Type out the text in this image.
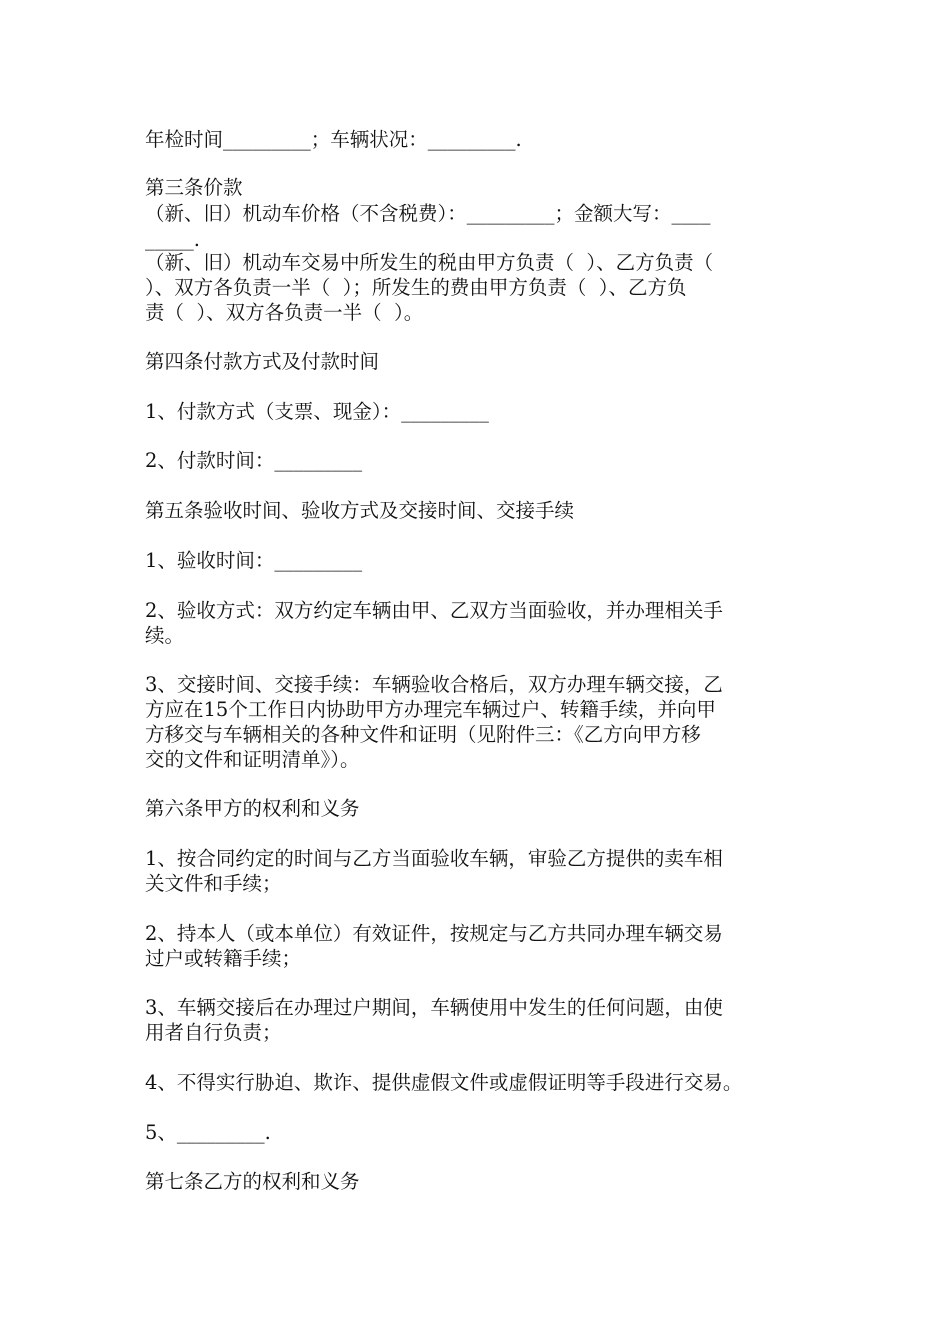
年检时间_________；车辆状况：_________.

第三条价款

（新、旧）机动车价格（不含税费）：_________；金额大写：____

_____.

（新、旧）机动车交易中所发生的税由甲方负责（  ）、乙方负责（

）、双方各负责一半（  ）；所发生的费由甲方负责（  ）、乙方负

责（  ）、双方各负责一半（  ）。

第四条付款方式及付款时间

1、付款方式（支票、现金）：_________

2、付款时间：_________

第五条验收时间、验收方式及交接时间、交接手续

1、验收时间：_________

2、验收方式：双方约定车辆由甲、乙双方当面验收，并办理相关手

续。

3、交接时间、交接手续：车辆验收合格后，双方办理车辆交接，乙

方应在15个工作日内协助甲方办理完车辆过户、转籍手续，并向甲

方移交与车辆相关的各种文件和证明（见附件三：《乙方向甲方移

交的文件和证明清单》）。

第六条甲方的权利和义务

1、按合同约定的时间与乙方当面验收车辆，审验乙方提供的卖车相

关文件和手续；

2、持本人（或本单位）有效证件，按规定与乙方共同办理车辆交易

过户或转籍手续；

3、车辆交接后在办理过户期间，车辆使用中发生的任何问题，由使

用者自行负责；

4、不得实行胁迫、欺诈、提供虚假文件或虚假证明等手段进行交易。

5、_________.

第七条乙方的权利和义务
